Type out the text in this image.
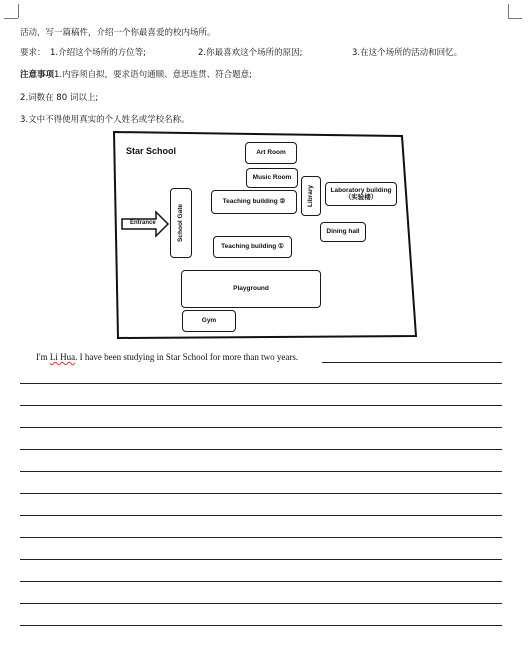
活动，写一篇稿件，介绍一个你最喜爱的校内场所。
要求： 1.介绍这个场所的方位等;	2.你最喜欢这个场所的原因;	3.在这个场所的活动和回忆。
注意事项1.内容须自拟，要求语句通顺、意思连贯、符合题意;
2.词数在 80 词以上;
3.文中不得使用真实的个人姓名或学校名称。
Star School
Entrance
Art Room
Music Room
Teaching building ②
Teaching building ①
Library Laboratory building
（实验楼）
Dining hall
School Gate
Playground
Gym
I'm Li Hua. I have been studying in Star School for more than two years.
